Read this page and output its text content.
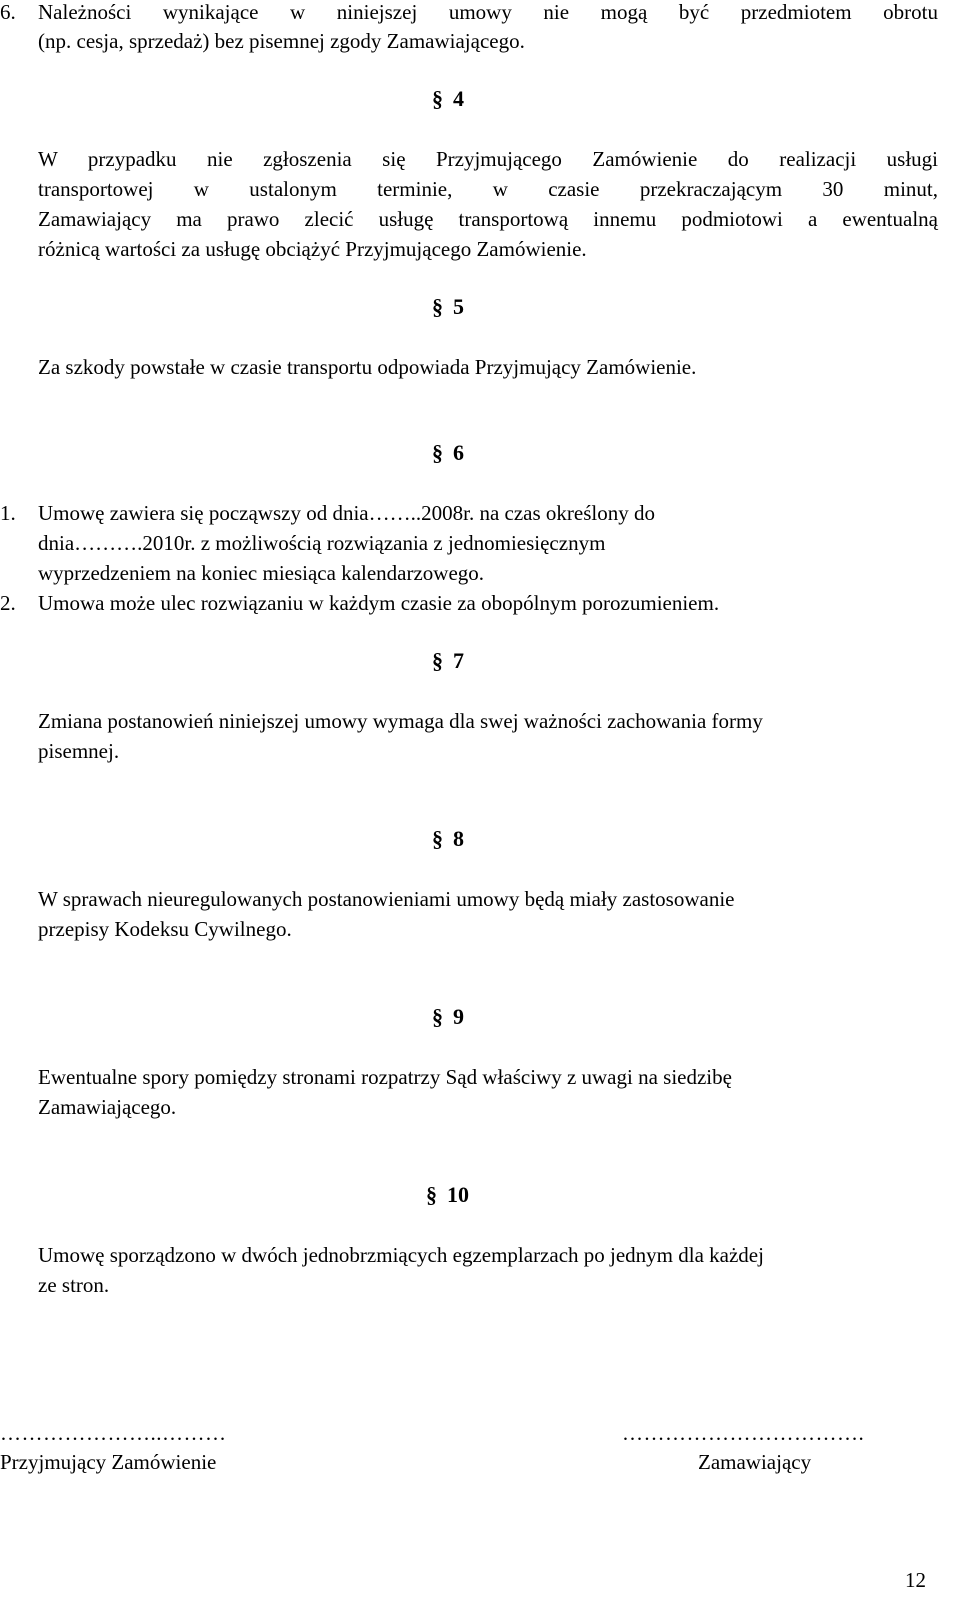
6. Należności wynikające w niniejszej umowy nie mogą być przedmiotem obrotu
(np. cesja, sprzedaż) bez pisemnej zgody Zamawiającego.
§ 4
W przypadku nie zgłoszenia się Przyjmującego Zamówienie do realizacji usługi
transportowej w ustalonym terminie, w czasie przekraczającym 30 minut,
Zamawiający ma prawo zlecić usługę transportową innemu podmiotowi a ewentualną
różnicą wartości za usługę obciążyć Przyjmującego Zamówienie.
§ 5
Za szkody powstałe w czasie transportu odpowiada Przyjmujący Zamówienie.
§ 6
1. Umowę zawiera się począwszy od dnia……..2008r. na czas określony do
dnia……….2010r. z możliwością rozwiązania z jednomiesięcznym
wyprzedzeniem na koniec miesiąca kalendarzowego.
2. Umowa może ulec rozwiązaniu w każdym czasie za obopólnym porozumieniem.
§ 7
Zmiana postanowień niniejszej umowy wymaga dla swej ważności zachowania formy
pisemnej.
§ 8
W sprawach nieuregulowanych postanowieniami umowy będą miały zastosowanie
przepisy Kodeksu Cywilnego.
§ 9
Ewentualne spory pomiędzy stronami rozpatrzy Sąd właściwy z uwagi na siedzibę
Zamawiającego.
§ 10
Umowę sporządzono w dwóch jednobrzmiących egzemplarzach po jednym dla każdej
ze stron.
…………………..………
Przyjmujący Zamówienie
…………………………….
Zamawiający
12
